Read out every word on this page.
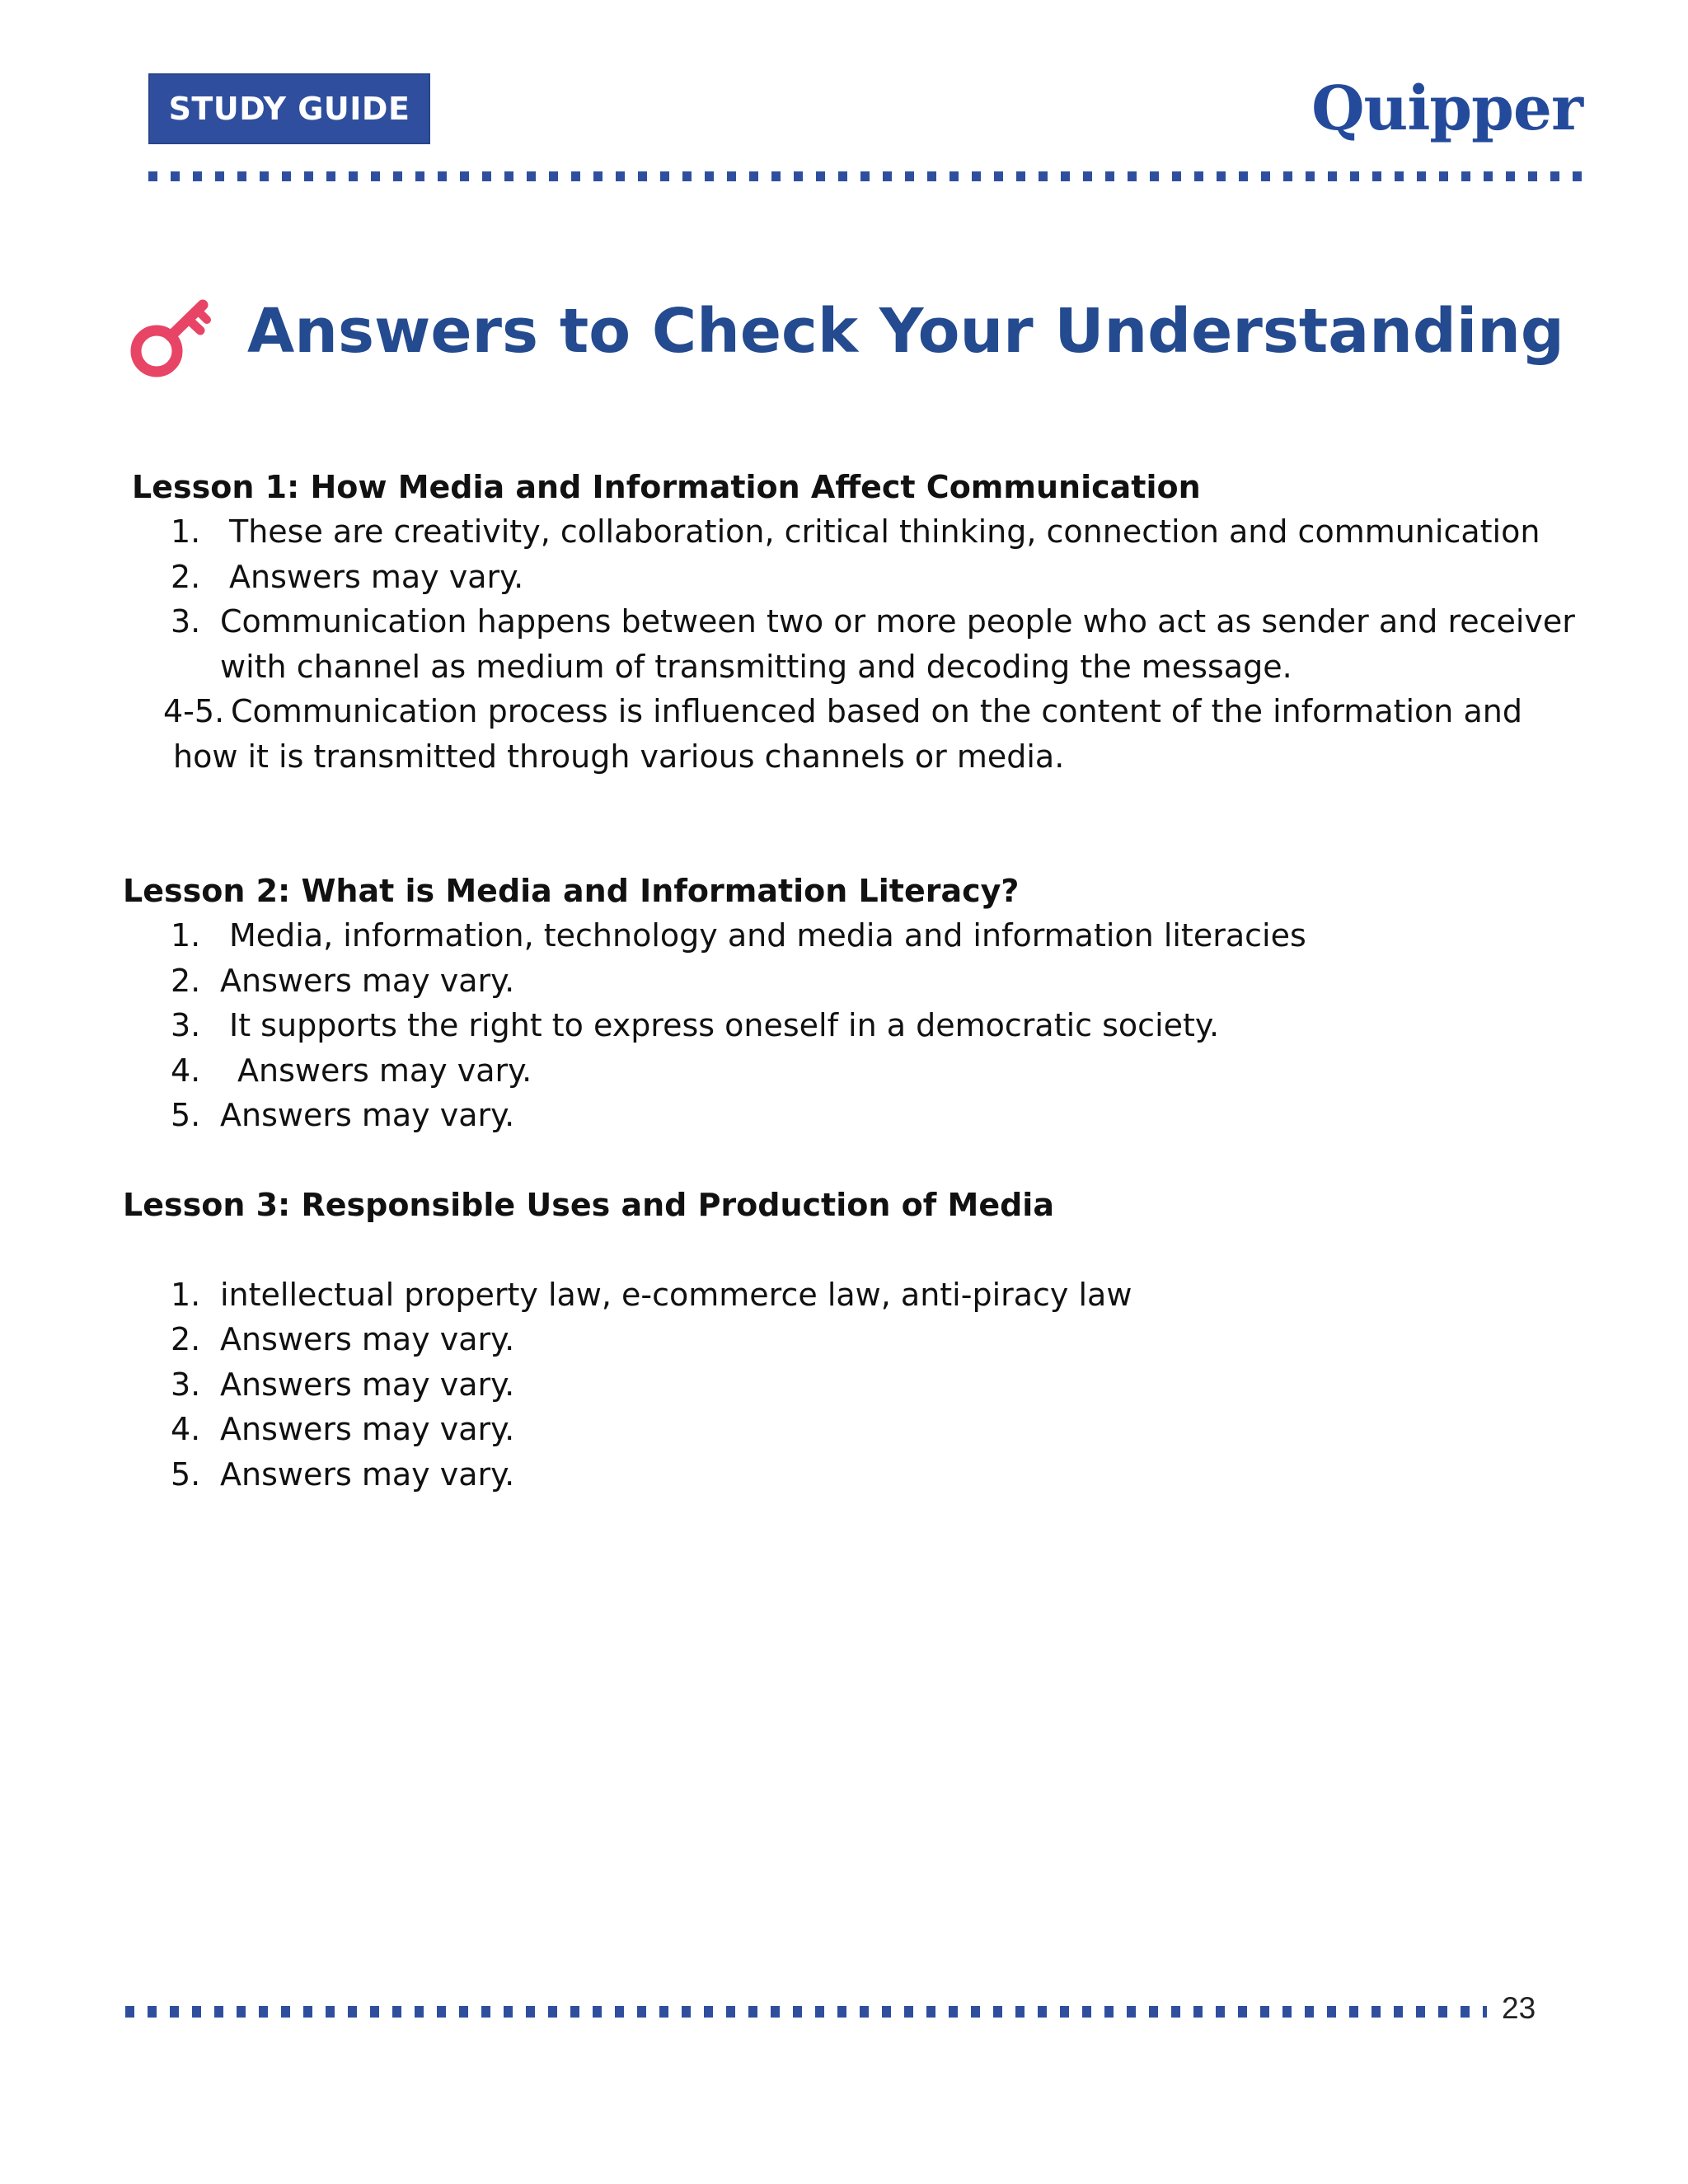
STUDY GUIDE	Quipper
Answers to Check Your Understanding
Lesson 1: How Media and Information Affect Communication
1. These are creativity, collaboration, critical thinking, connection and communication
2. Answers may vary.
3. Communication happens between two or more people who act as sender and receiver
with channel as medium of transmitting and decoding the message.
4-5. Communication process is influenced based on the content of the information and
how it is transmitted through various channels or media.
Lesson 2: What is Media and Information Literacy?
1. Media, information, technology and media and information literacies
2. Answers may vary.
3. It supports the right to express oneself in a democratic society.
4. Answers may vary.
5. Answers may vary.
Lesson 3: Responsible Uses and Production of Media
1. intellectual property law, e-commerce law, anti-piracy law
2. Answers may vary.
3. Answers may vary.
4. Answers may vary.
5. Answers may vary.
23
